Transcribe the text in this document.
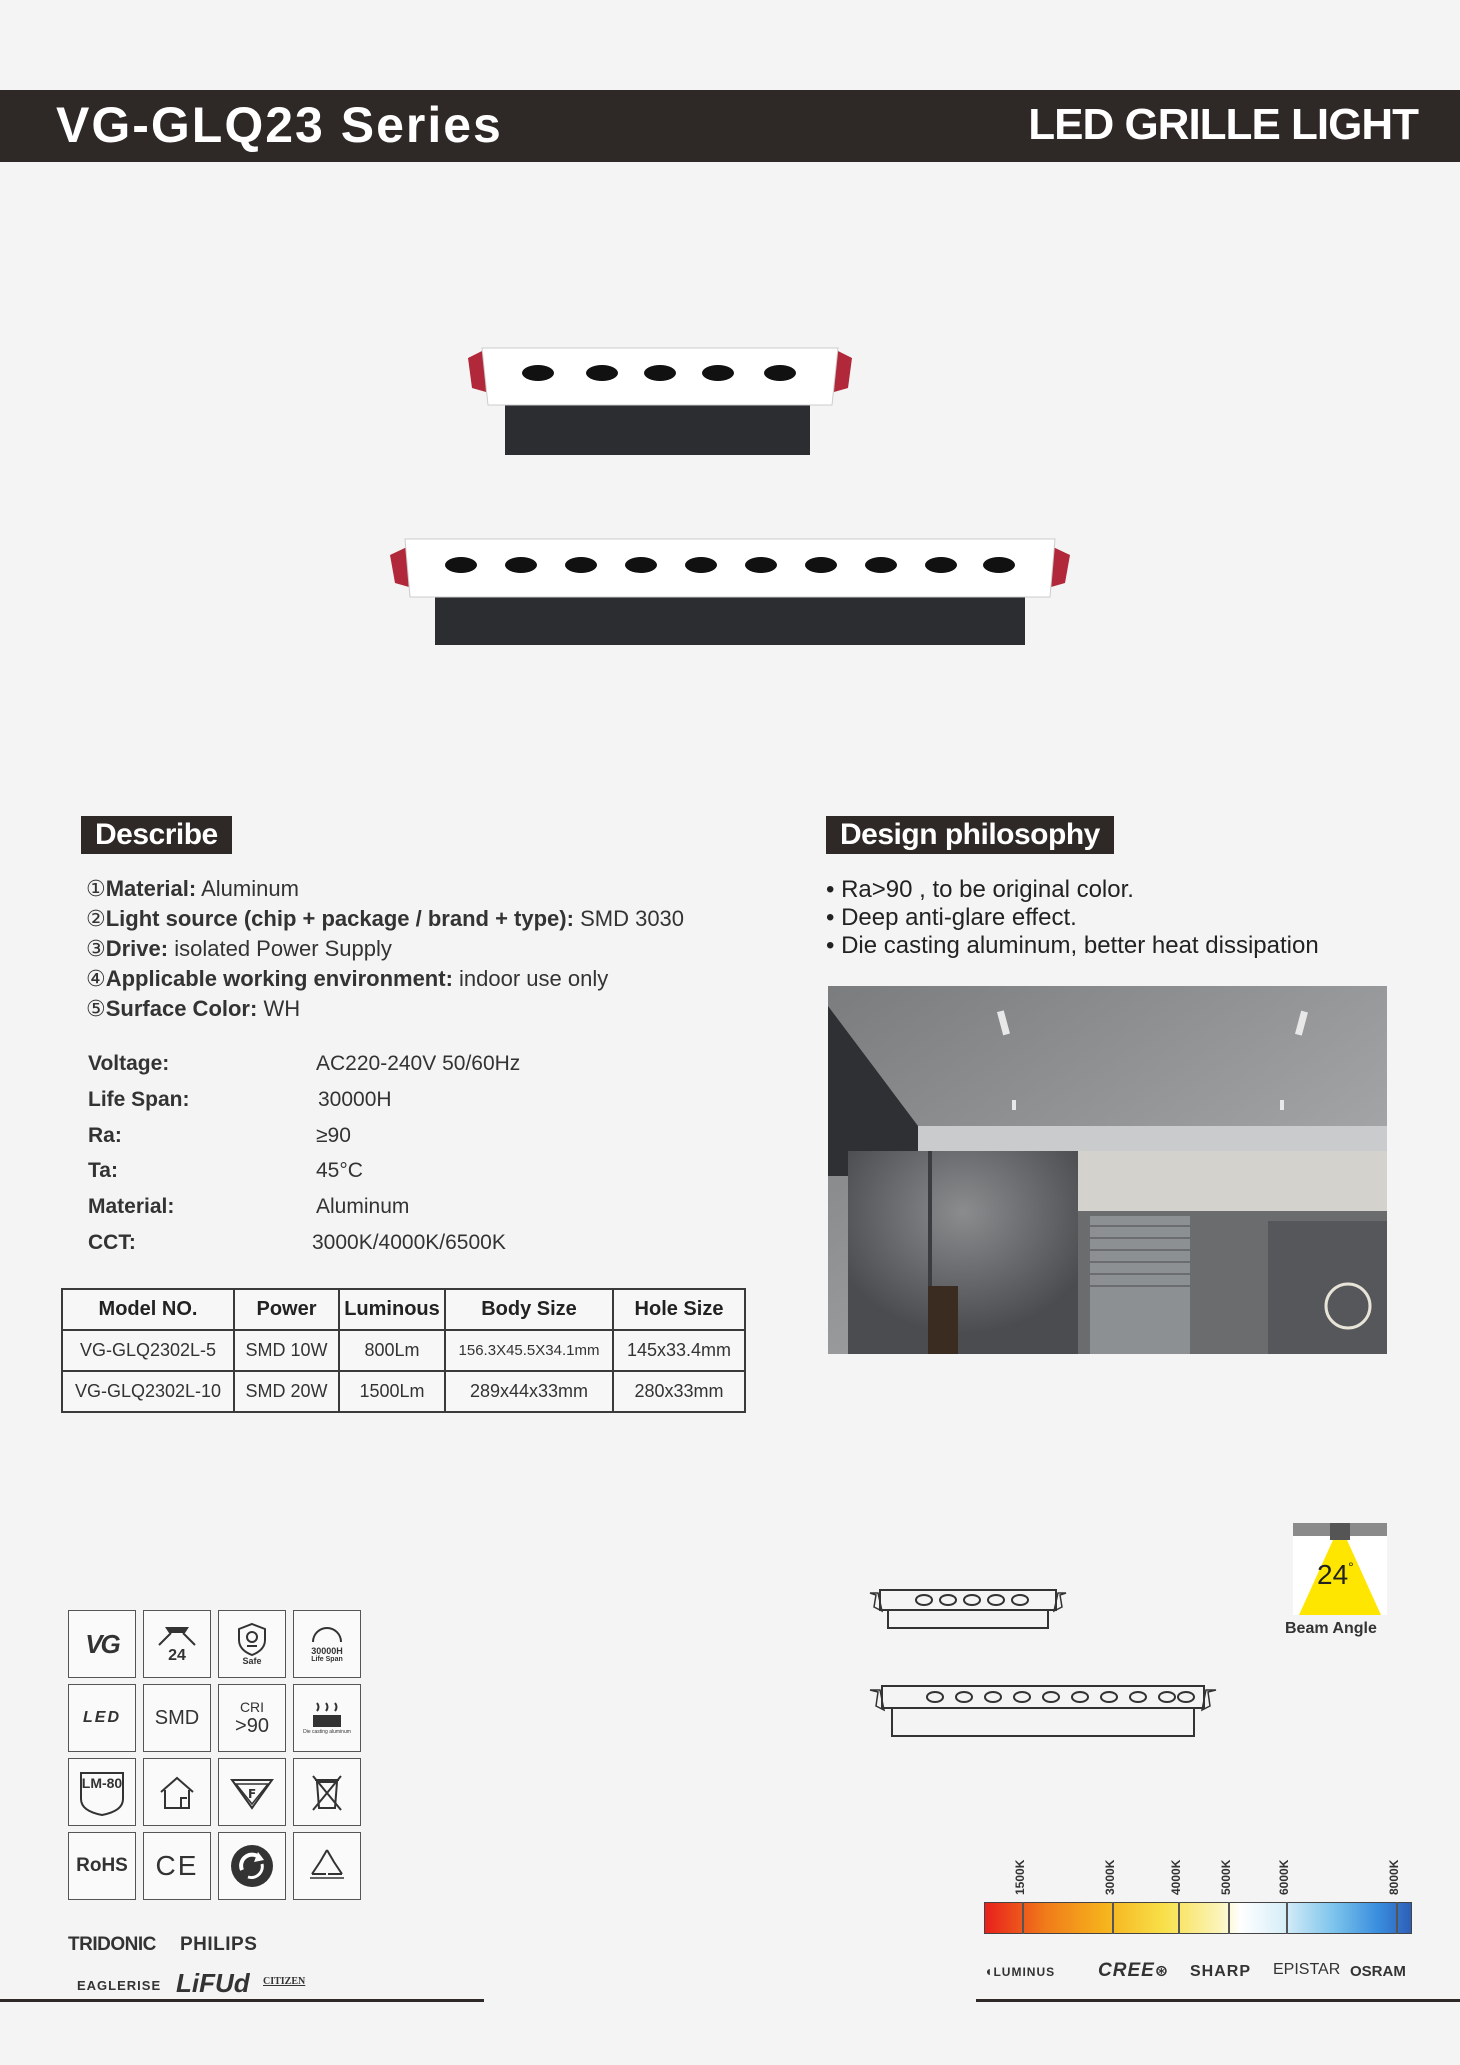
VG-GLQ23 Series	LED GRILLE LIGHT
Describe
①Material: Aluminum
②Light source (chip + package / brand + type): SMD 3030
③Drive: isolated Power Supply
④Applicable working environment: indoor use only
⑤Surface Color: WH
Voltage:	AC220-240V 50/60Hz
Life Span:	30000H
Ra:	≥90
Ta:	45°C
Material:	Aluminum
CCT:	3000K/4000K/6500K
Design philosophy
• Ra>90 , to be original color.
• Deep anti-glare effect.
• Die casting aluminum, better heat dissipation
Model NO.	Power	Luminous	Body Size	Hole Size
VG-GLQ2302L-5	SMD 10W	800Lm	156.3X45.5X34.1mm	145x33.4mm
VG-GLQ2302L-10	SMD 20W	1500Lm	289x44x33mm	280x33mm
VG	24	Safe
30000H
Life Span
LED SMD	CRI
>90	Die casting aluminum
LM-80
F
RoHS CE
TRIDONIC PHILIPS
EAGLERISE LiFUd CITIZEN
24°
Beam Angle
1500K	3000K	4000K	5000K	6000K	8000K
◖LUMINUS CREE⊛ SHARP EPISTAR OSRAM
